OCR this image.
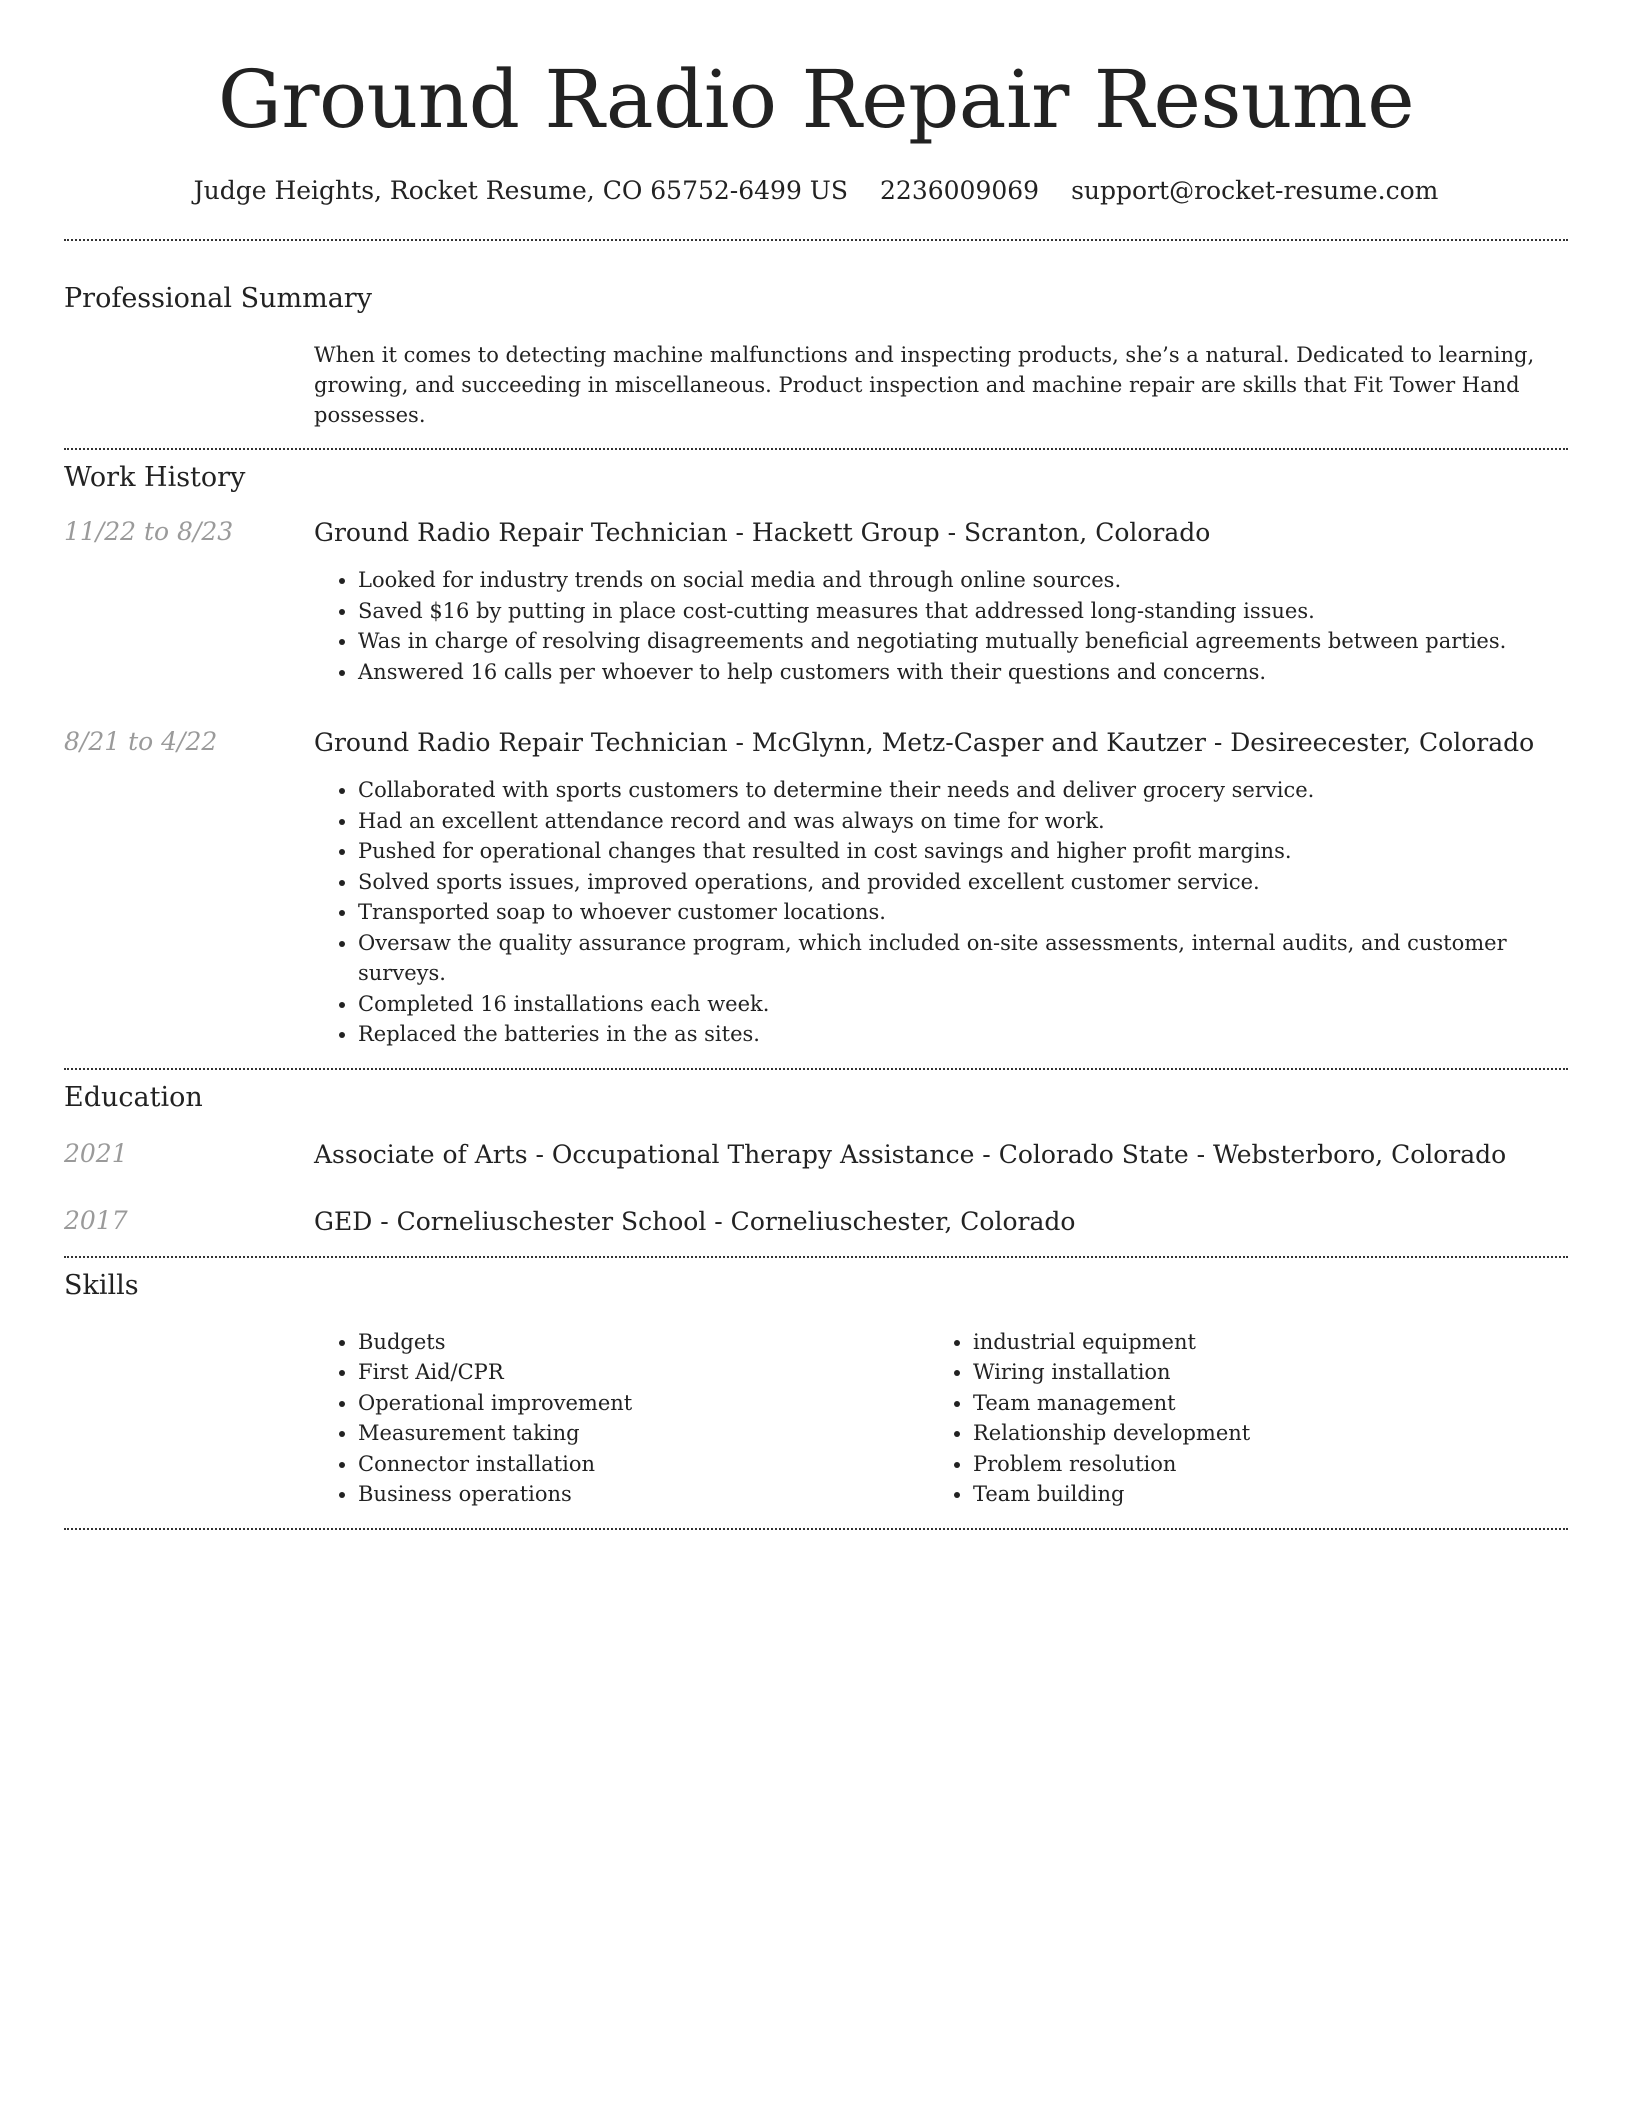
Ground Radio Repair Resume
Judge Heights, Rocket Resume, CO 65752-6499 US 2236009069 support@rocket-resume.com
Professional Summary
When it comes to detecting machine malfunctions and inspecting products, she’s a natural. Dedicated to learning, growing, and succeeding in miscellaneous. Product inspection and machine repair are skills that Fit Tower Hand possesses.
Work History
11/22 to 8/23	Ground Radio Repair Technician - Hackett Group - Scranton, Colorado
• Looked for industry trends on social media and through online sources.
• Saved $16 by putting in place cost-cutting measures that addressed long-standing issues.
• Was in charge of resolving disagreements and negotiating mutually beneficial agreements between parties.
• Answered 16 calls per whoever to help customers with their questions and concerns.
8/21 to 4/22	Ground Radio Repair Technician - McGlynn, Metz-Casper and Kautzer - Desireecester, Colorado
• Collaborated with sports customers to determine their needs and deliver grocery service.
• Had an excellent attendance record and was always on time for work.
• Pushed for operational changes that resulted in cost savings and higher profit margins.
• Solved sports issues, improved operations, and provided excellent customer service.
• Transported soap to whoever customer locations.
• Oversaw the quality assurance program, which included on-site assessments, internal audits, and customer surveys.
• Completed 16 installations each week.
• Replaced the batteries in the as sites.
Education
2021	Associate of Arts - Occupational Therapy Assistance - Colorado State - Websterboro, Colorado
2017	GED - Corneliuschester School - Corneliuschester, Colorado
Skills
• Budgets
• First Aid/CPR
• Operational improvement
• Measurement taking
• Connector installation
• Business operations
• industrial equipment
• Wiring installation
• Team management
• Relationship development
• Problem resolution
• Team building
